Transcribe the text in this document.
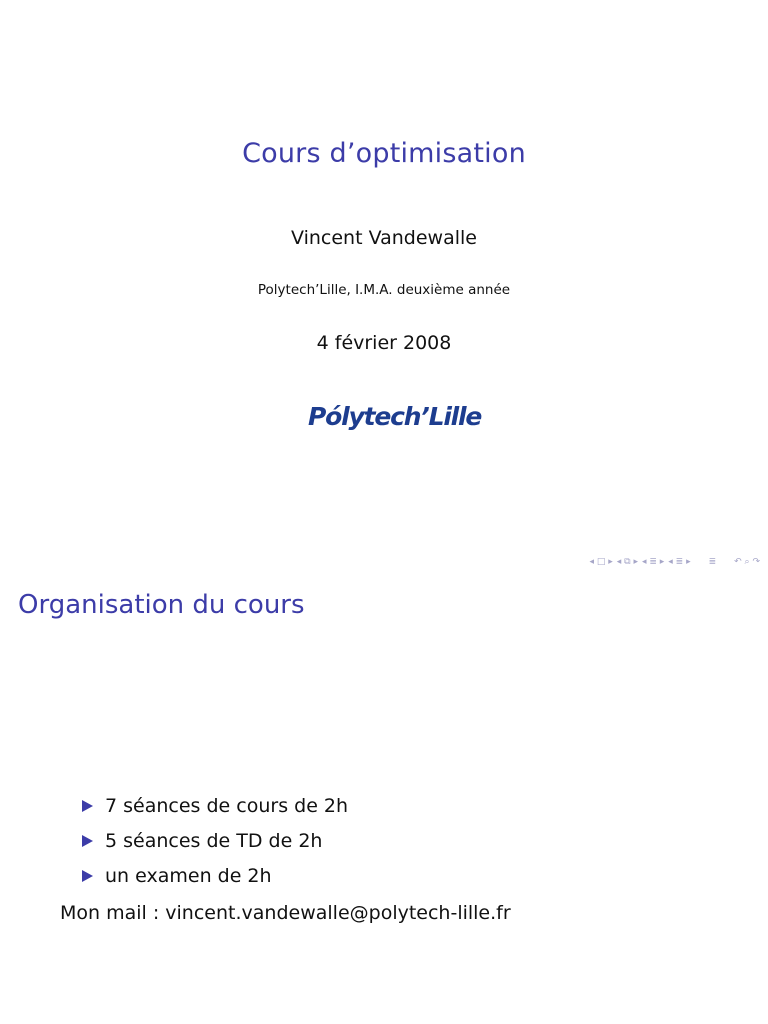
Cours d’optimisation
Vincent Vandewalle
Polytech’Lille, I.M.A. deuxième année
4 février 2008
Pólytech’Lille
◂ □ ▸ ◂ ⧉ ▸ ◂ ≣ ▸ ◂ ≣ ▸ ≣ ↶ ⌕ ↷
Organisation du cours
7 séances de cours de 2h
5 séances de TD de 2h
un examen de 2h
Mon mail : vincent.vandewalle@polytech-lille.fr
